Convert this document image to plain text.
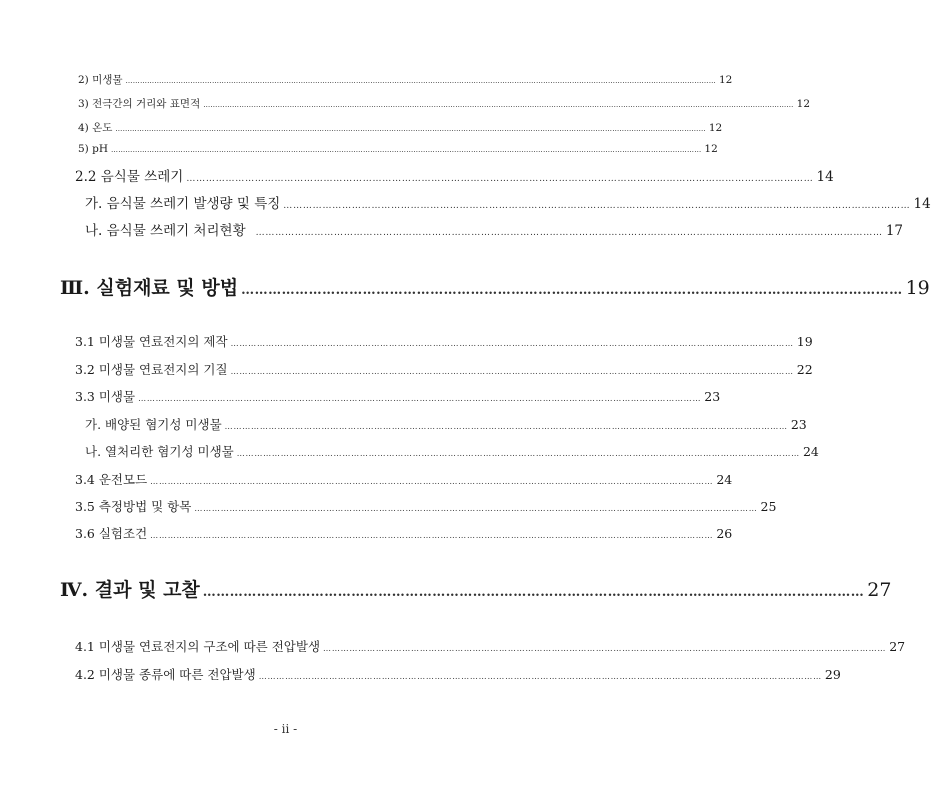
2) 미생물 ………………………………………………………………………………………………………………………………………………………………………………………………………………………… 12
3) 전극간의 거리와 표면적 ………………………………………………………………………………………………………………………………………………………………………………………………………………………… 12
4) 온도 ………………………………………………………………………………………………………………………………………………………………………………………………………………………… 12
5) pH ………………………………………………………………………………………………………………………………………………………………………………………………………………………… 12
2.2 음식물 쓰레기 ………………………………………………………………………………………………………………………………………………………………………… 14
가. 음식물 쓰레기 발생량 및 특징 ………………………………………………………………………………………………………………………………………………………………………… 14
나. 음식물 쓰레기 처리현황 ………………………………………………………………………………………………………………………………………………………………………… 17
Ⅲ. 실험재료 및 방법 ………………………………………………………………………………………………………………………………… 19
3.1 미생물 연료전지의 제작 ………………………………………………………………………………………………………………………………………………………………………… 19
3.2 미생물 연료전지의 기질 ………………………………………………………………………………………………………………………………………………………………………… 22
3.3 미생물 ………………………………………………………………………………………………………………………………………………………………………… 23
가. 배양된 혐기성 미생물 ………………………………………………………………………………………………………………………………………………………………………… 23
나. 열처리한 혐기성 미생물 ………………………………………………………………………………………………………………………………………………………………………… 24
3.4 운전모드 ………………………………………………………………………………………………………………………………………………………………………… 24
3.5 측정방법 및 항목 ………………………………………………………………………………………………………………………………………………………………………… 25
3.6 실험조건 ………………………………………………………………………………………………………………………………………………………………………… 26
Ⅳ. 결과 및 고찰 ………………………………………………………………………………………………………………………………… 27
4.1 미생물 연료전지의 구조에 따른 전압발생 ………………………………………………………………………………………………………………………………………………………………………… 27
4.2 미생물 종류에 따른 전압발생 ………………………………………………………………………………………………………………………………………………………………………… 29
- ii -
